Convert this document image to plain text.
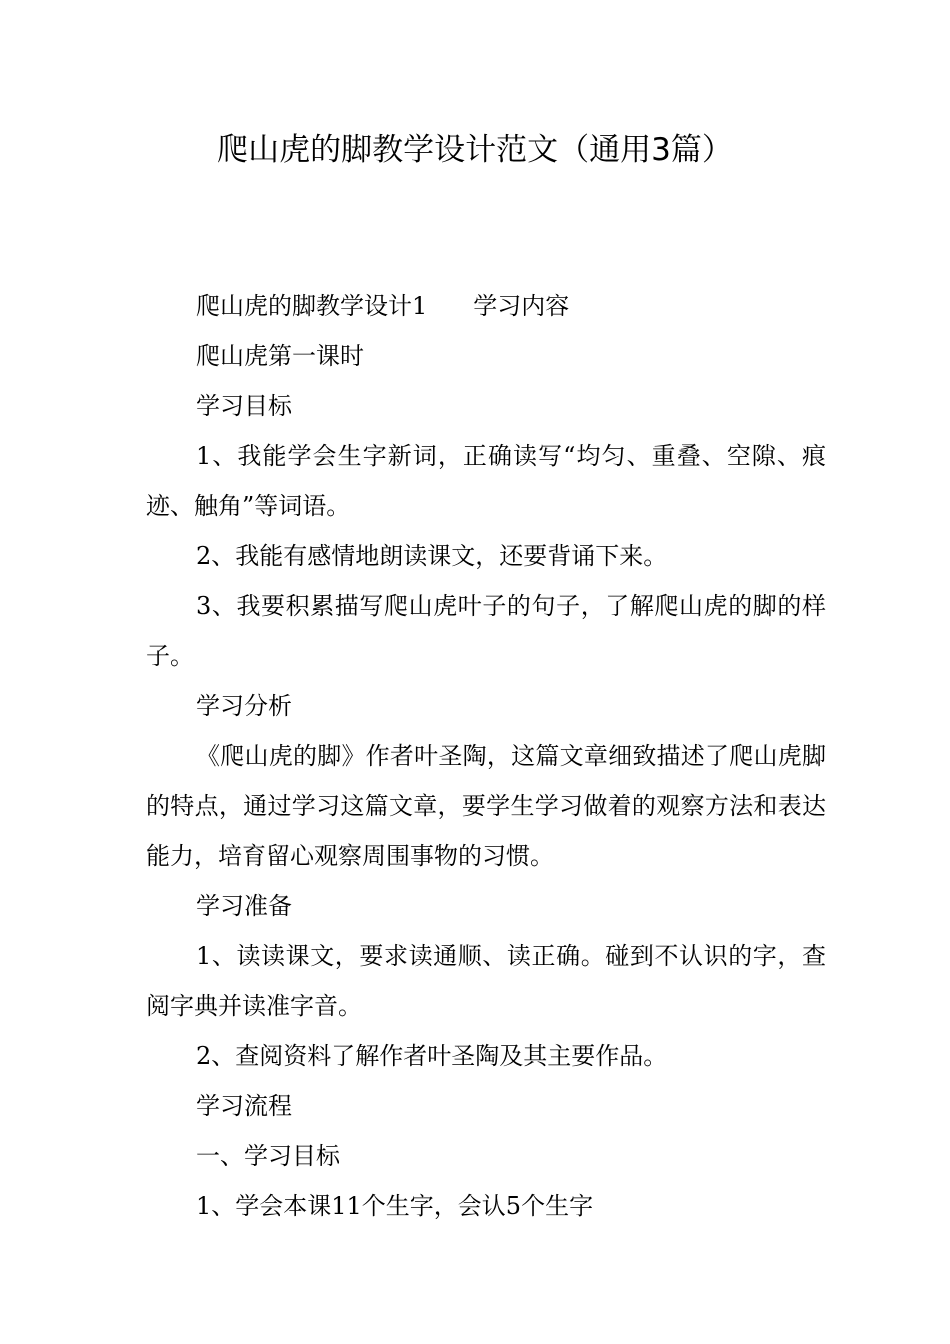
爬山虎的脚教学设计范文（通用3篇）

爬山虎的脚教学设计1 学习内容

爬山虎第一课时

学习目标

1、我能学会生字新词，正确读写“均匀、重叠、空隙、痕迹、触角”等词语。

2、我能有感情地朗读课文，还要背诵下来。

3、我要积累描写爬山虎叶子的句子，了解爬山虎的脚的样子。

学习分析

《爬山虎的脚》作者叶圣陶，这篇文章细致描述了爬山虎脚的特点，通过学习这篇文章，要学生学习做着的观察方法和表达能力，培育留心观察周围事物的习惯。

学习准备

1、读读课文，要求读通顺、读正确。碰到不认识的字，查阅字典并读准字音。

2、查阅资料了解作者叶圣陶及其主要作品。

学习流程

一、学习目标

1、学会本课11个生字，会认5个生字
